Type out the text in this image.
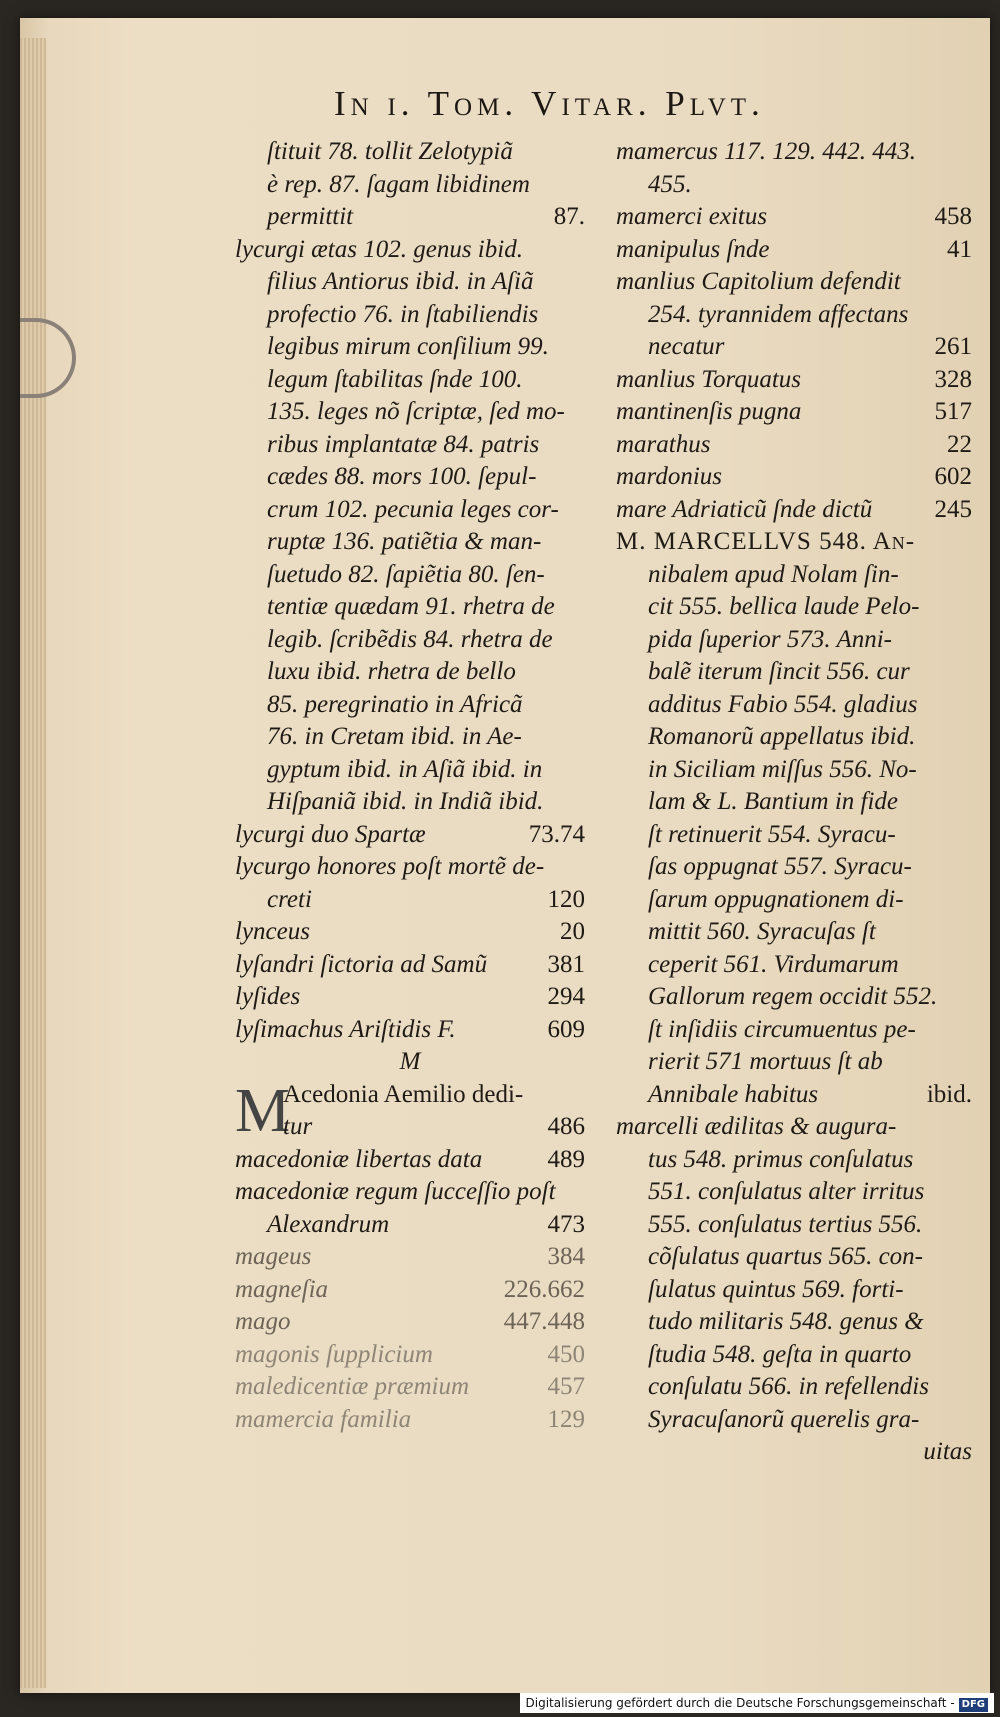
In i. Tom. Vitar. Plvt.
ſtituit 78. tollit Zelotypiã
è rep. 87. ſagam libidinem
permittit	87.
lycurgi ætas 102. genus ibid.
filius Antiorus ibid. in Aſiã
profectio 76. in ſtabiliendis
legibus mirum conſilium 99.
legum ſtabilitas ſnde 100.
135. leges nõ ſcriptæ, ſed mo-
ribus implantatæ 84. patris
cædes 88. mors 100. ſepul-
crum 102. pecunia leges cor-
ruptæ 136. patiẽtia & man-
ſuetudo 82. ſapiẽtia 80. ſen-
tentiæ quædam 91. rhetra de
legib. ſcribẽdis 84. rhetra de
luxu ibid. rhetra de bello
85. peregrinatio in Africã
76. in Cretam ibid. in Ae-
gyptum ibid. in Aſiã ibid. in
Hiſpaniã ibid. in Indiã ibid.
lycurgi duo Spartæ	73.74
lycurgo honores poſt mortẽ de-
creti	120
lynceus	20
lyſandri ſictoria ad Samũ 381
lyſides	294
lyſimachus Ariſtidis F.	609
M
M
Acedonia Aemilio dedi-
tur	486
macedoniæ libertas data	489
macedoniæ regum ſucceſſio poſt
Alexandrum	473
mageus	384
magneſia	226.662
mago	447.448
magonis ſupplicium	450
maledicentiæ præmium	457
mamercia familia	129
mamercus 117. 129. 442. 443.
455.
mamerci exitus	458
manipulus ſnde	41
manlius Capitolium defendit
254. tyrannidem affectans
necatur	261
manlius Torquatus	328
mantinenſis pugna	517
marathus	22
mardonius	602
mare Adriaticũ ſnde dictũ 245
M. MARCELLVS 548. An-
nibalem apud Nolam ſin-
cit 555. bellica laude Pelo-
pida ſuperior 573. Anni-
balẽ iterum ſincit 556. cur
additus Fabio 554. gladius
Romanorũ appellatus ibid.
in Siciliam miſſus 556. No-
lam & L. Bantium in fide
ſt retinuerit 554. Syracu-
ſas oppugnat 557. Syracu-
ſarum oppugnationem di-
mittit 560. Syracuſas ſt
ceperit 561. Virdumarum
Gallorum regem occidit 552.
ſt inſidiis circumuentus pe-
rierit 571 mortuus ſt ab
Annibale habitus	ibid.
marcelli ædilitas & augura-
tus 548. primus conſulatus
551. conſulatus alter irritus
555. conſulatus tertius 556.
cõſulatus quartus 565. con-
ſulatus quintus 569. forti-
tudo militaris 548. genus &
ſtudia 548. geſta in quarto
conſulatu 566. in refellendis
Syracuſanorũ querelis gra-
uitas
Digitalisierung gefördert durch die Deutsche Forschungsgemeinschaft - DFG
